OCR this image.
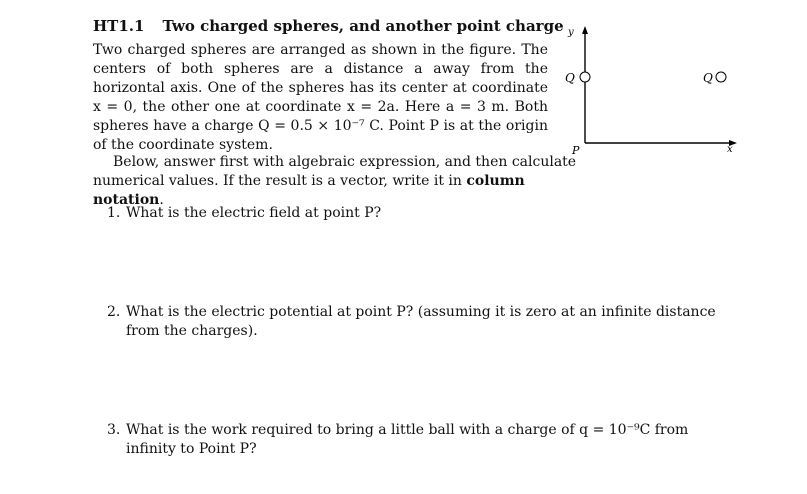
HT1.1 Two charged spheres, and another point charge

Two charged spheres are arranged as shown in the figure. The centers of both spheres are a distance a away from the horizontal axis. One of the spheres has its center at coordinate x = 0, the other one at coordinate x = 2a. Here a = 3 m. Both spheres have a charge Q = 0.5 × 10⁻⁷ C. Point P is at the origin of the coordinate system.

Below, answer first with algebraic expression, and then calculate numerical values. If the result is a vector, write it in column notation.

y
x
P
Q	Q
1. What is the electric field at point P?
2. What is the electric potential at point P? (assuming it is zero at an infinite distance from the charges).
3. What is the work required to bring a little ball with a charge of q = 10⁻⁹C from infinity to Point P?
